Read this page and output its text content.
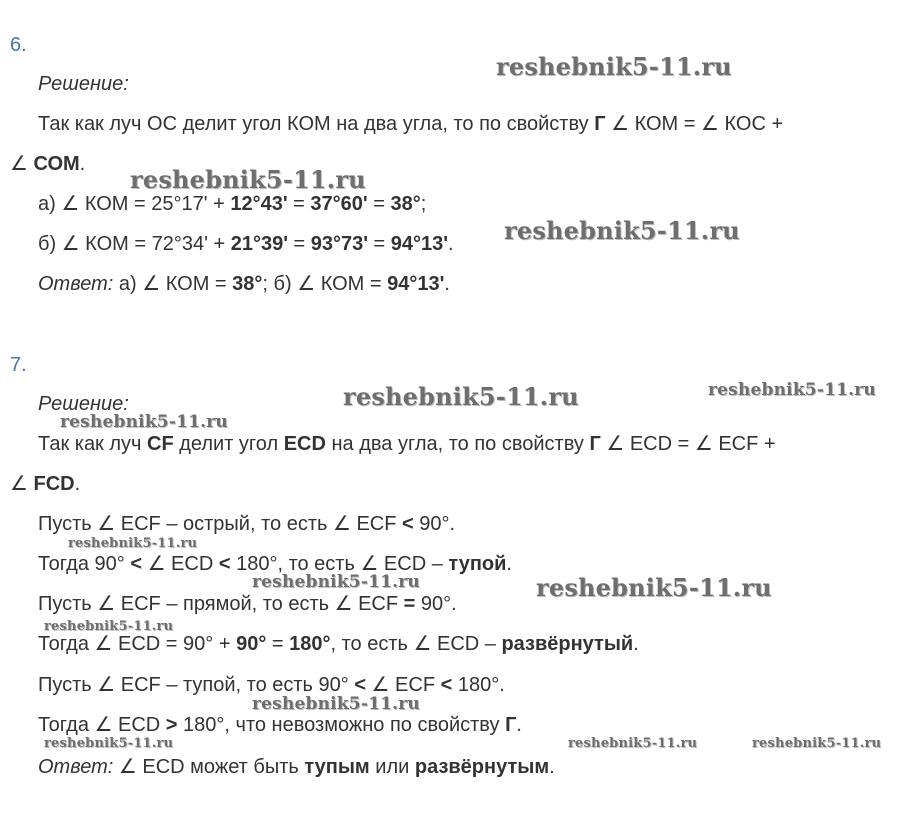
6.
Решение:
Так как луч ОС делит угол КОМ на два угла, то по свойству Г ∠ КОМ = ∠ КОС +
∠ СОМ.
а) ∠ КОМ = 25°17' + 12°43' = 37°60' = 38°;
б) ∠ КОМ = 72°34' + 21°39' = 93°73' = 94°13'.
Ответ: а) ∠ КОМ = 38°; б) ∠ КОМ = 94°13'.
7.
Решение:
Так как луч CF делит угол ECD на два угла, то по свойству Г ∠ ECD = ∠ ECF +
∠ FCD.
Пусть ∠ ECF – острый, то есть ∠ ECF < 90°.
Тогда 90° < ∠ ECD < 180°, то есть ∠ ECD – тупой.
Пусть ∠ ECF – прямой, то есть ∠ ECF = 90°.
Тогда ∠ ECD = 90° + 90° = 180°, то есть ∠ ECD – развёрнутый.
Пусть ∠ ECF – тупой, то есть 90° < ∠ ECF < 180°.
Тогда ∠ ECD > 180°, что невозможно по свойству Г.
Ответ: ∠ ECD может быть тупым или развёрнутым.
reshebnik5-11.ru
reshebnik5-11.ru
reshebnik5-11.ru
reshebnik5-11.ru	reshebnik5-11.ru
reshebnik5-11.ru
reshebnik5-11.ru
reshebnik5-11.ru	reshebnik5-11.ru
reshebnik5-11.ru
reshebnik5-11.ru
reshebnik5-11.ru	reshebnik5-11.ru	reshebnik5-11.ru
